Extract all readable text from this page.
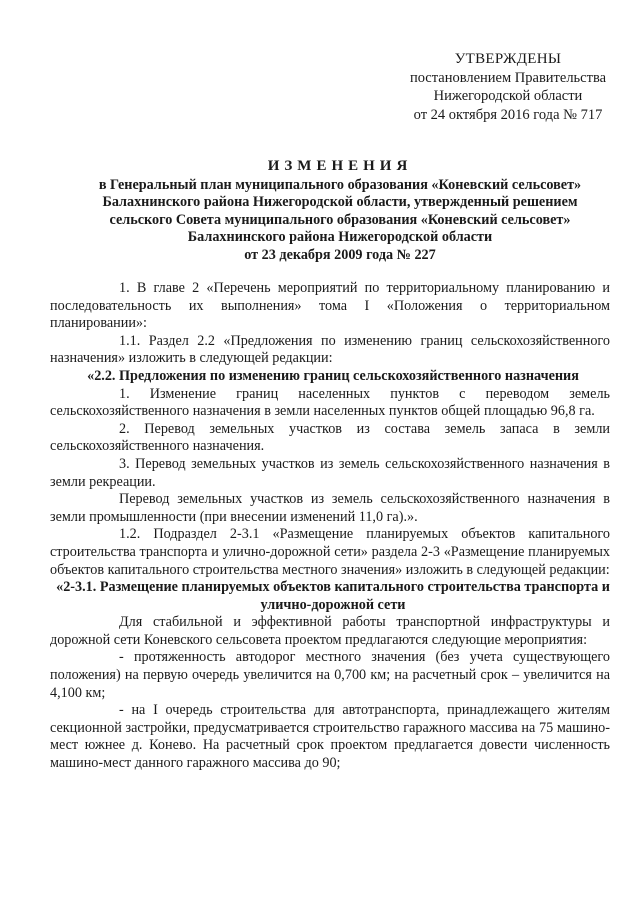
УТВЕРЖДЕНЫ
постановлением Правительства
Нижегородской области
от 24 октября 2016 года № 717
ИЗМЕНЕНИЯ
в Генеральный план муниципального образования «Коневский сельсовет»
Балахнинского района Нижегородской области, утвержденный решением
сельского Совета муниципального образования «Коневский сельсовет»
Балахнинского района Нижегородской области
от 23 декабря 2009 года № 227

1. В главе 2 «Перечень мероприятий по территориальному планированию и последовательность их выполнения» тома I «Положения о территориальном планировании»:

1.1. Раздел 2.2 «Предложения по изменению границ сельскохозяйственного назначения» изложить в следующей редакции:

«2.2. Предложения по изменению границ сельскохозяйственного назначения

1. Изменение границ населенных пунктов с переводом земель сельскохозяйственного назначения в земли населенных пунктов общей площадью 96,8 га.

2. Перевод земельных участков из состава земель запаса в земли сельскохозяйственного назначения.

3. Перевод земельных участков из земель сельскохозяйственного назначения в земли рекреации.

Перевод земельных участков из земель сельскохозяйственного назначения в земли промышленности (при внесении изменений 11,0 га).».

1.2. Подраздел 2-3.1 «Размещение планируемых объектов капитального строительства транспорта и улично-дорожной сети» раздела 2-3 «Размещение планируемых объектов капитального строительства местного значения» изложить в следующей редакции:

«2-3.1. Размещение планируемых объектов капитального строительства транспорта и улично-дорожной сети

Для стабильной и эффективной работы транспортной инфраструктуры и дорожной сети Коневского сельсовета проектом предлагаются следующие мероприятия:

- протяженность автодорог местного значения (без учета существующего положения) на первую очередь увеличится на 0,700 км; на расчетный срок – увеличится на 4,100 км;

- на I очередь строительства для автотранспорта, принадлежащего жителям секционной застройки, предусматривается строительство гаражного массива на 75 машино-мест южнее д. Конево. На расчетный срок проектом предлагается довести численность машино-мест данного гаражного массива до 90;
